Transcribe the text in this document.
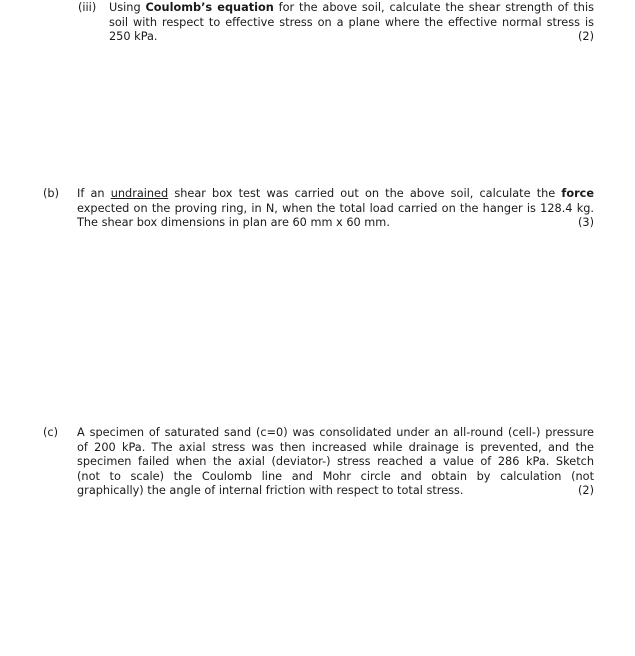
(iii) Using Coulomb’s equation for the above soil, calculate the shear strength of this
soil with respect to effective stress on a plane where the effective normal stress is
250 kPa.	(2)
(b) If an undrained shear box test was carried out on the above soil, calculate the force
expected on the proving ring, in N, when the total load carried on the hanger is 128.4 kg.
The shear box dimensions in plan are 60 mm x 60 mm.	(3)
(c) A specimen of saturated sand (c=0) was consolidated under an all-round (cell-) pressure
of 200 kPa. The axial stress was then increased while drainage is prevented, and the
specimen failed when the axial (deviator-) stress reached a value of 286 kPa. Sketch
(not to scale) the Coulomb line and Mohr circle and obtain by calculation (not
graphically) the angle of internal friction with respect to total stress.	(2)
